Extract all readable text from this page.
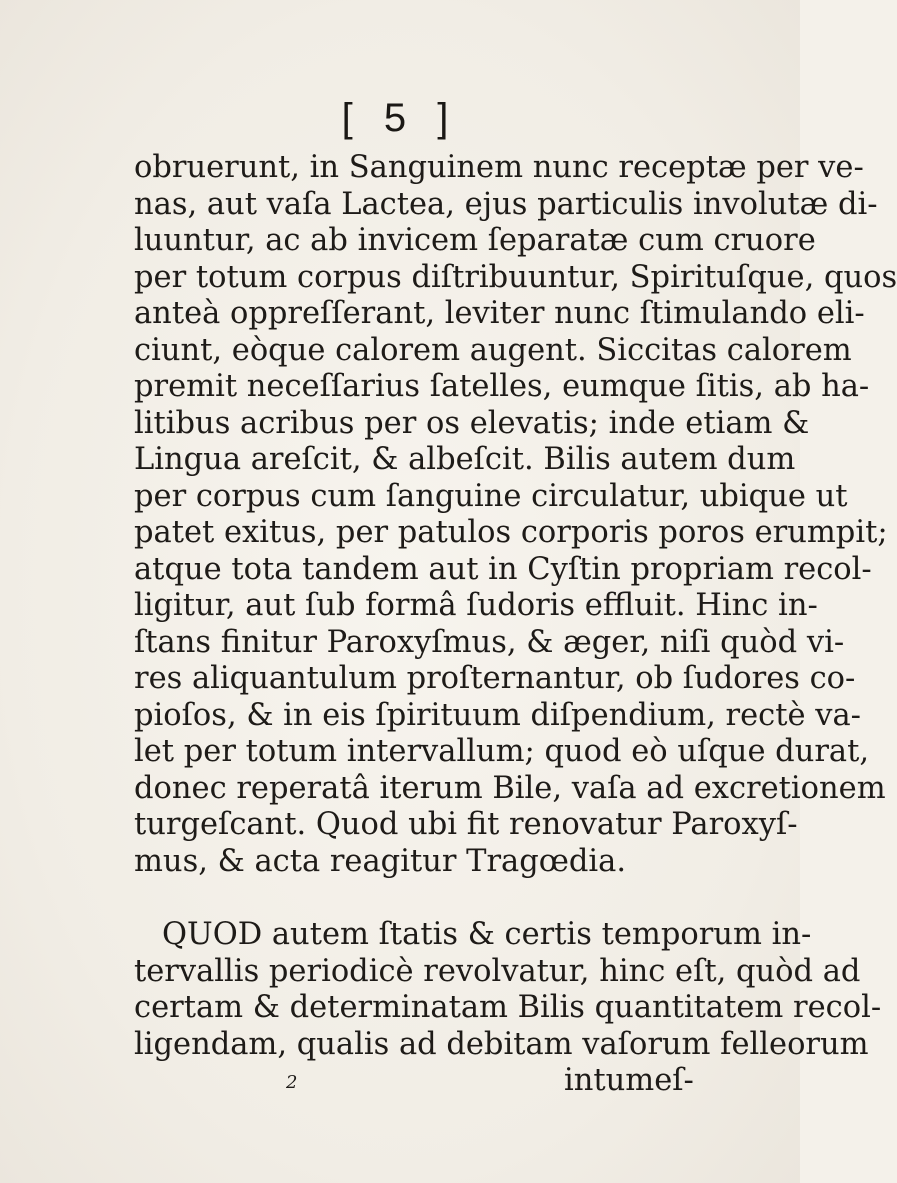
[ 5 ]
obruerunt, in Sanguinem nunc receptæ per ve-
nas, aut vaſa Lactea, ejus particulis involutæ di-
luuntur, ac ab invicem ſeparatæ cum cruore
per totum corpus diſtribuuntur, Spirituſque, quos
anteà oppreſſerant, leviter nunc ſtimulando eli-
ciunt, eòque calorem augent. Siccitas calorem
premit neceſſarius ſatelles, eumque ſitis, ab ha-
litibus acribus per os elevatis; inde etiam &
Lingua areſcit, & albeſcit. Bilis autem dum
per corpus cum ſanguine circulatur, ubique ut
patet exitus, per patulos corporis poros erumpit;
atque tota tandem aut in Cyſtin propriam recol-
ligitur, aut ſub formâ ſudoris effluit. Hinc in-
ſtans finitur Paroxyſmus, & æger, niſi quòd vi-
res aliquantulum proſternantur, ob ſudores co-
pioſos, & in eis ſpirituum diſpendium, rectè va-
let per totum intervallum; quod eò uſque durat,
donec reperatâ iterum Bile, vaſa ad excretionem
turgeſcant. Quod ubi fit renovatur Paroxyſ-
mus, & acta reagitur Tragœdia.
QUOD autem ſtatis & certis temporum in-
tervallis periodicè revolvatur, hinc eſt, quòd ad
certam & determinatam Bilis quantitatem recol-
ligendam, qualis ad debitam vaſorum felleorum
2	intumeſ-
